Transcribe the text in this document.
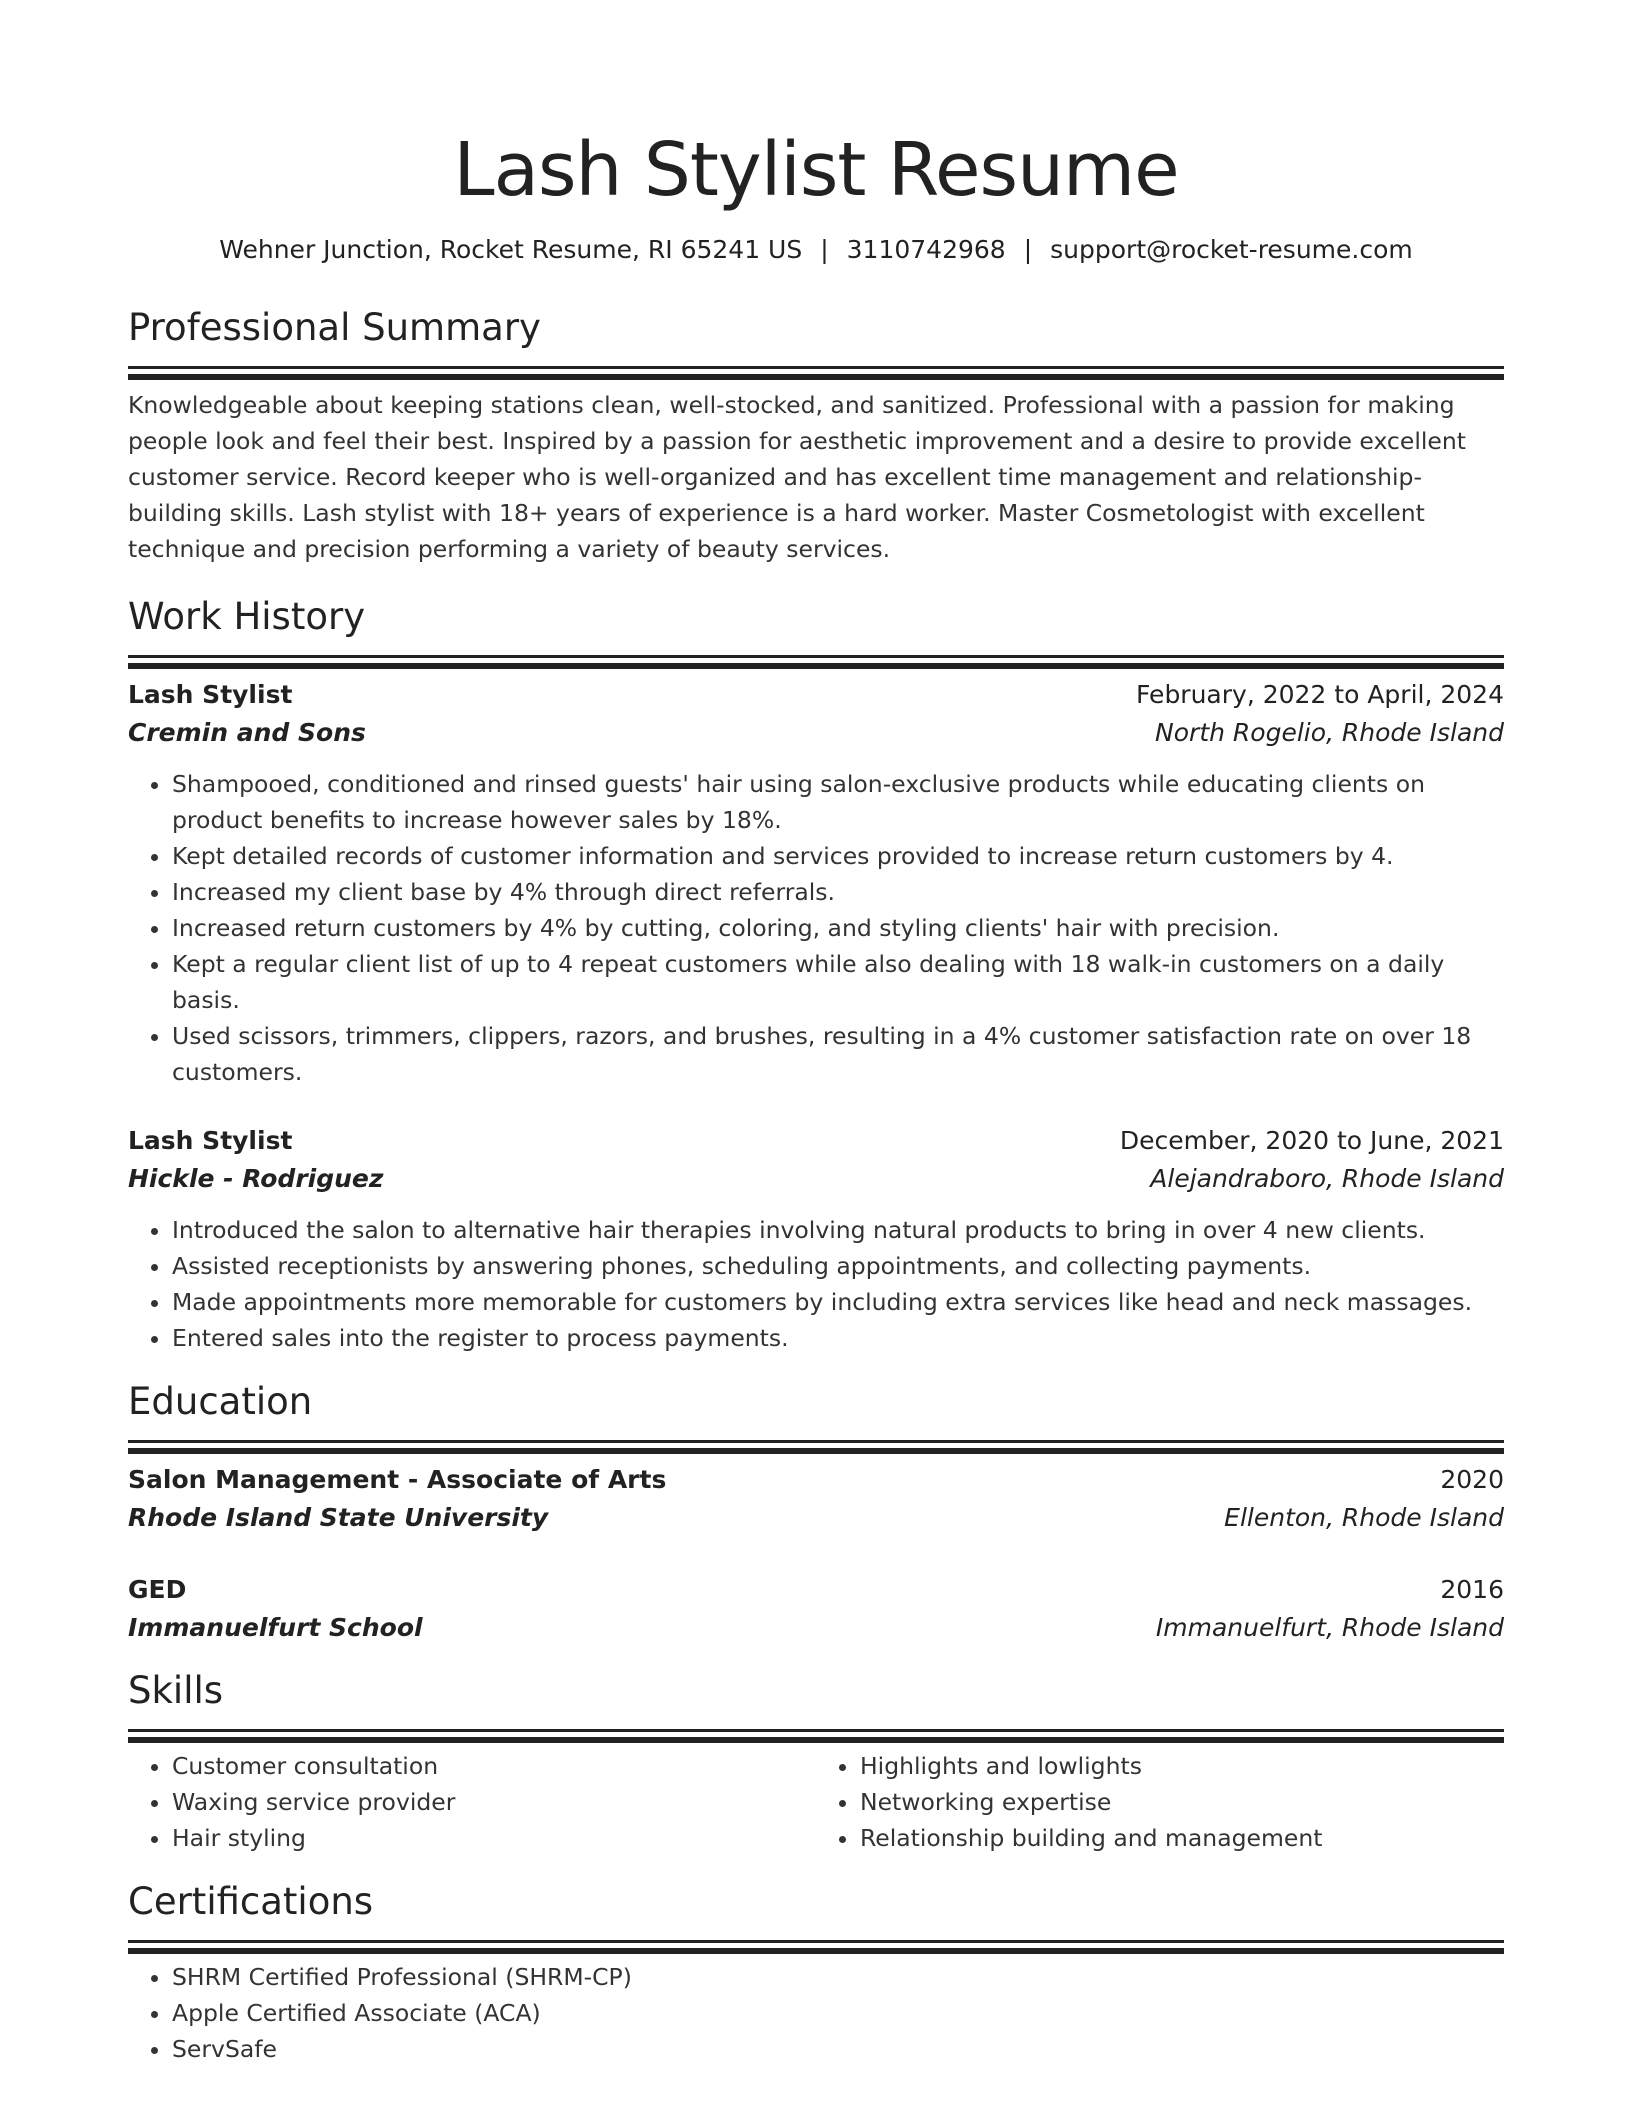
Lash Stylist Resume
Wehner Junction, Rocket Resume, RI 65241 US | 3110742968 | support@rocket-resume.com
Professional Summary
Knowledgeable about keeping stations clean, well-stocked, and sanitized. Professional with a passion for making people look and feel their best. Inspired by a passion for aesthetic improvement and a desire to provide excellent customer service. Record keeper who is well-organized and has excellent time management and relationship-building skills. Lash stylist with 18+ years of experience is a hard worker. Master Cosmetologist with excellent technique and precision performing a variety of beauty services.
Work History
Lash Stylist	February, 2022 to April, 2024
Cremin and Sons	North Rogelio, Rhode Island
• Shampooed, conditioned and rinsed guests' hair using salon-exclusive products while educating clients on product benefits to increase however sales by 18%.
• Kept detailed records of customer information and services provided to increase return customers by 4.
• Increased my client base by 4% through direct referrals.
• Increased return customers by 4% by cutting, coloring, and styling clients' hair with precision.
• Kept a regular client list of up to 4 repeat customers while also dealing with 18 walk-in customers on a daily basis.
• Used scissors, trimmers, clippers, razors, and brushes, resulting in a 4% customer satisfaction rate on over 18 customers.
Lash Stylist	December, 2020 to June, 2021
Hickle - Rodriguez	Alejandraboro, Rhode Island
• Introduced the salon to alternative hair therapies involving natural products to bring in over 4 new clients.
• Assisted receptionists by answering phones, scheduling appointments, and collecting payments.
• Made appointments more memorable for customers by including extra services like head and neck massages.
• Entered sales into the register to process payments.
Education
Salon Management - Associate of Arts	2020
Rhode Island State University	Ellenton, Rhode Island
GED	2016
Immanuelfurt School	Immanuelfurt, Rhode Island
Skills
• Customer consultation
• Waxing service provider
• Hair styling
• Highlights and lowlights
• Networking expertise
• Relationship building and management
Certifications
• SHRM Certified Professional (SHRM-CP)
• Apple Certified Associate (ACA)
• ServSafe
